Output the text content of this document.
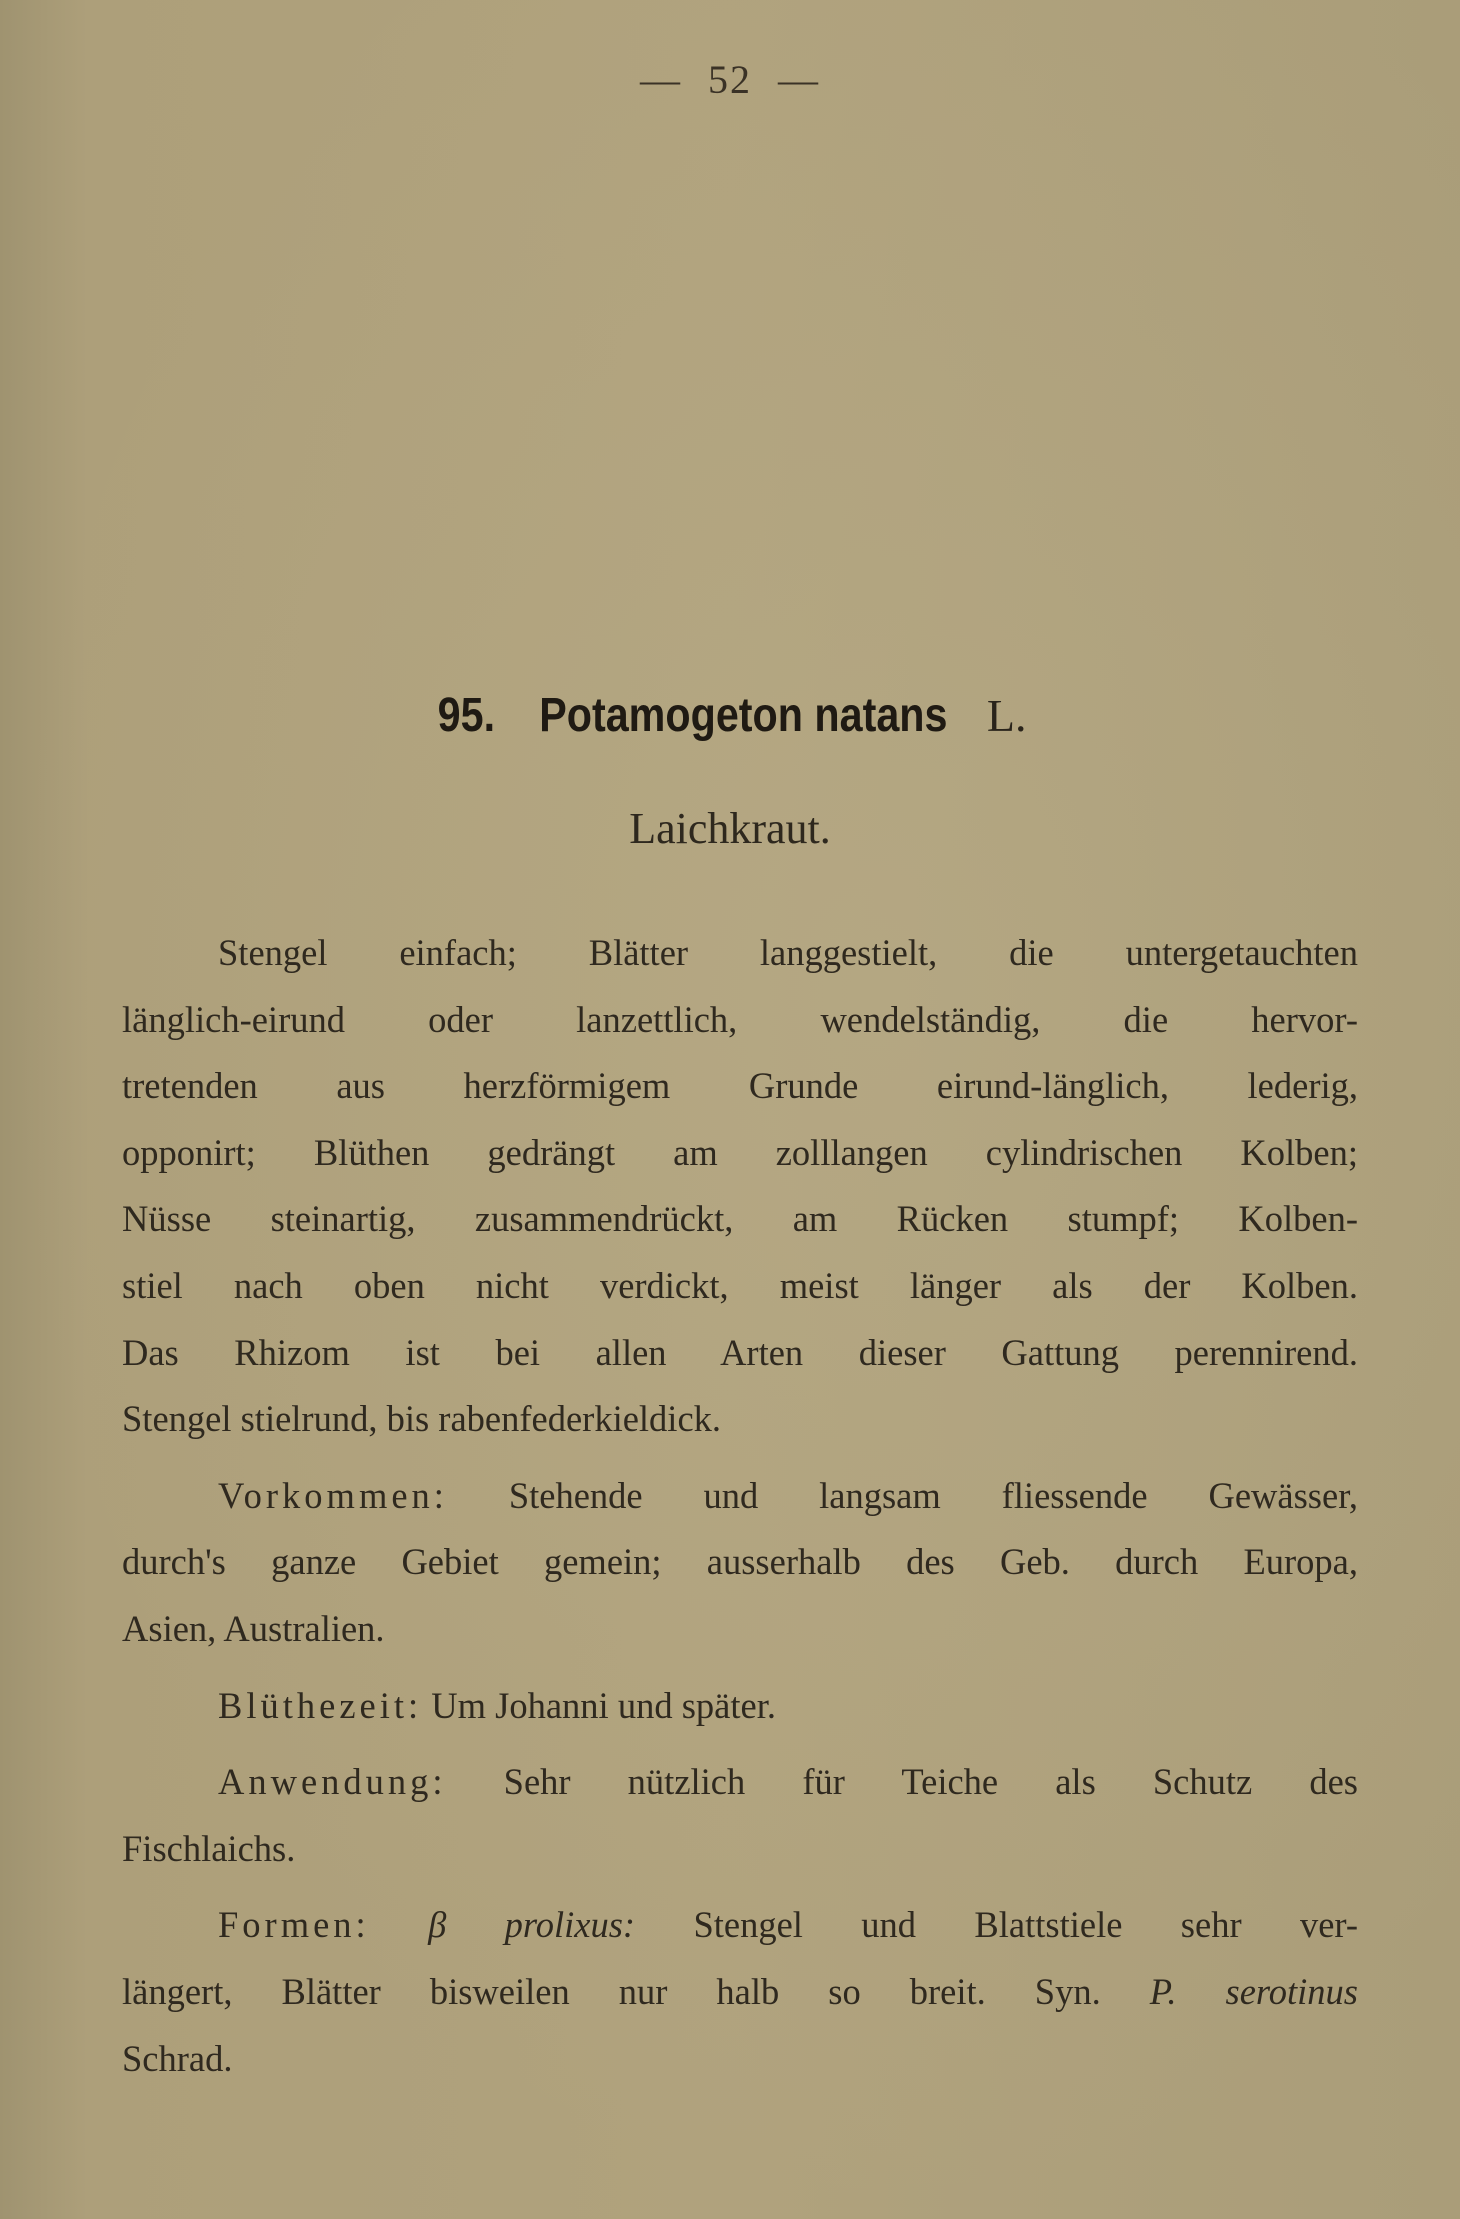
— 52 —
95. Potamogeton natans L.
Laichkraut.
Stengel einfach; Blätter langgestielt, die untergetauchten
länglich-eirund oder lanzettlich, wendelständig, die hervor-
tretenden aus herzförmigem Grunde eirund-länglich, lederig,
opponirt; Blüthen gedrängt am zolllangen cylindrischen Kolben;
Nüsse steinartig, zusammendrückt, am Rücken stumpf; Kolben-
stiel nach oben nicht verdickt, meist länger als der Kolben.
Das Rhizom ist bei allen Arten dieser Gattung perennirend.
Stengel stielrund, bis rabenfederkieldick.
Vorkommen: Stehende und langsam fliessende Gewässer,
durch's ganze Gebiet gemein; ausserhalb des Geb. durch Europa,
Asien, Australien.
Blüthezeit: Um Johanni und später.
Anwendung: Sehr nützlich für Teiche als Schutz des
Fischlaichs.
Formen: β prolixus: Stengel und Blattstiele sehr ver-
längert, Blätter bisweilen nur halb so breit. Syn. P. serotinus
Schrad.
